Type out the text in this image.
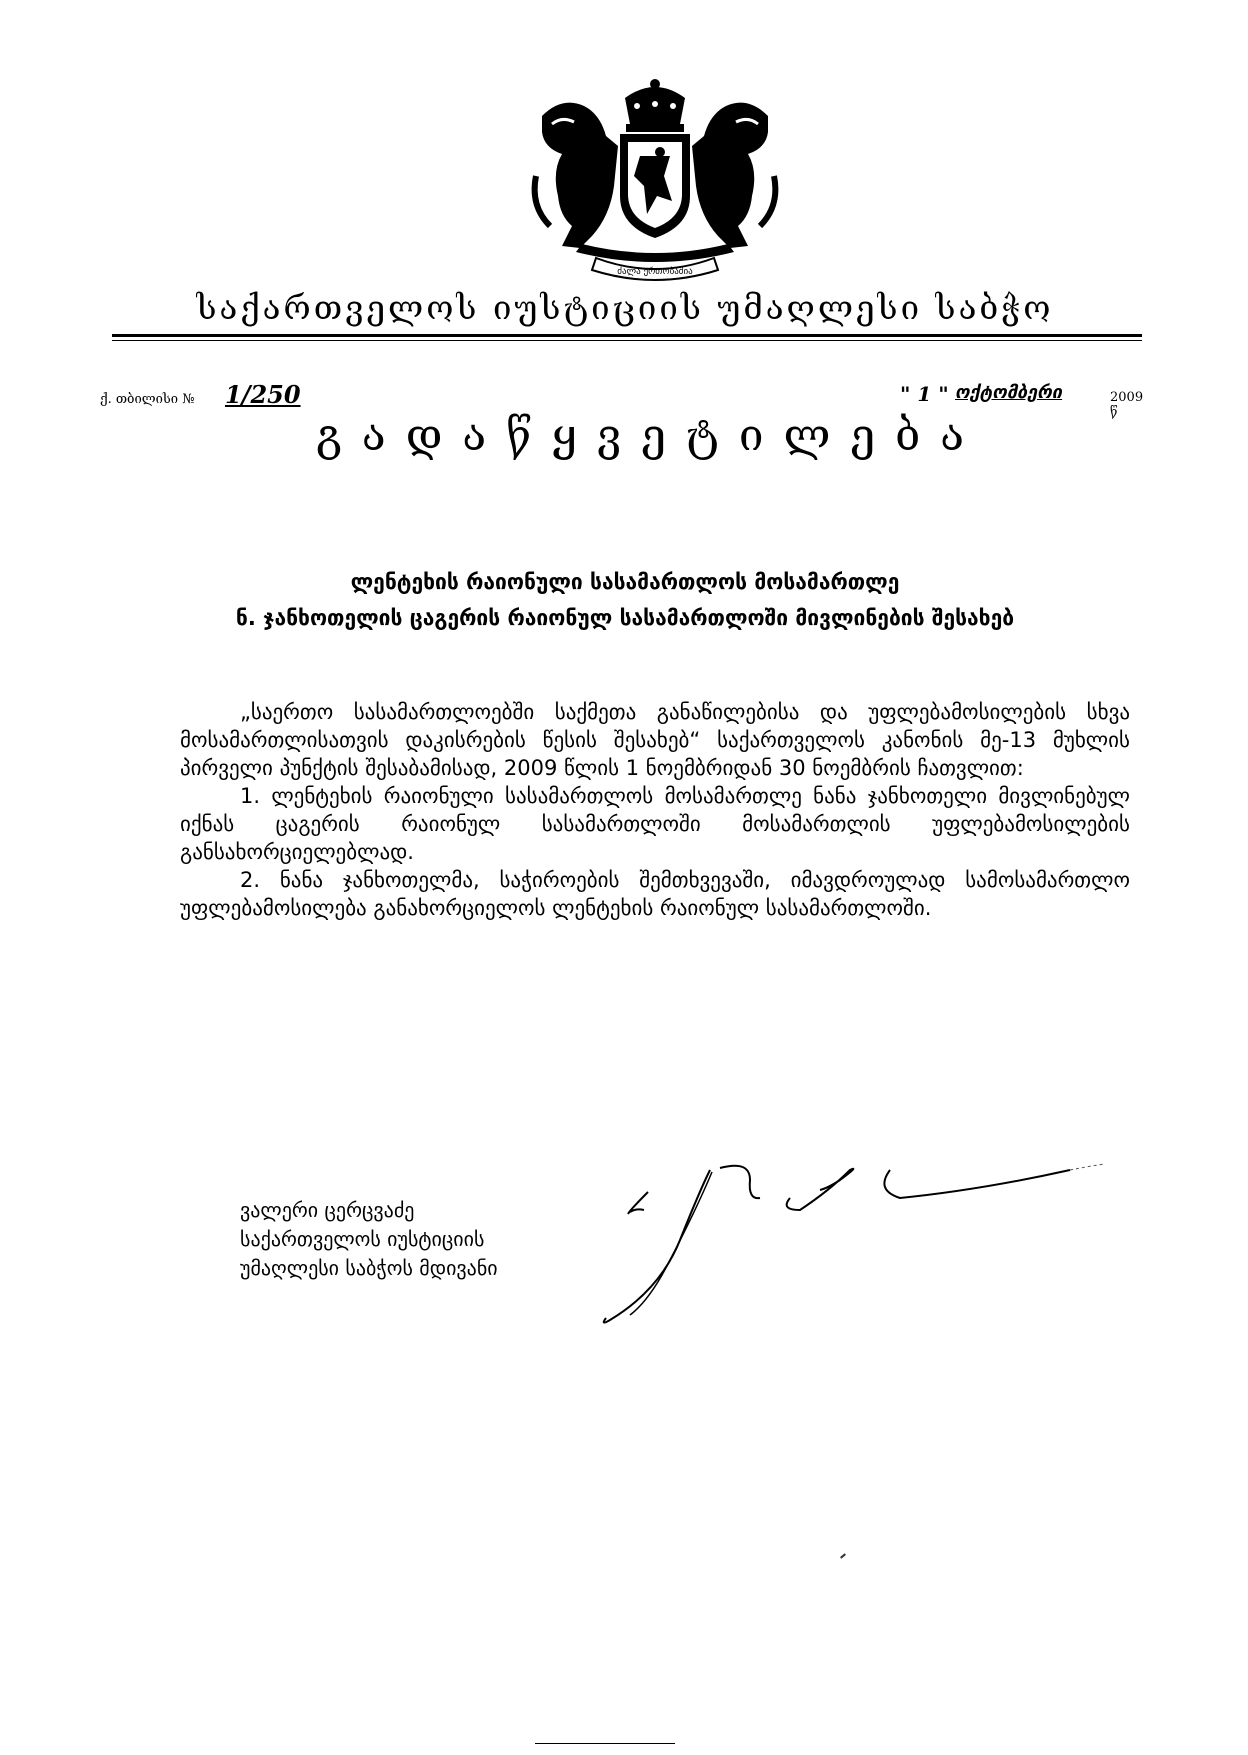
ძალა ერთობაშია
საქართველოს იუსტიციის უმაღლესი საბჭო
ქ. თბილისი № 1/250	" 1 " ოქტომბერი	2009 წ
გადაწყვეტილება
ლენტეხის რაიონული სასამართლოს მოსამართლე
ნ. ჯანხოთელის ცაგერის რაიონულ სასამართლოში მივლინების შესახებ

„საერთო სასამართლოებში საქმეთა განაწილებისა და უფლებამოსილების სხვა მოსამართლისათვის დაკისრების წესის შესახებ“ საქართველოს კანონის მე-13 მუხლის პირველი პუნქტის შესაბამისად, 2009 წლის 1 ნოემბრიდან 30 ნოემბრის ჩათვლით:

1. ლენტეხის რაიონული სასამართლოს მოსამართლე ნანა ჯანხოთელი მივლინებულ იქნას ცაგერის რაიონულ სასამართლოში მოსამართლის უფლებამოსილების განსახორციელებლად.

2. ნანა ჯანხოთელმა, საჭიროების შემთხვევაში, იმავდროულად სამოსამართლო უფლებამოსილება განახორციელოს ლენტეხის რაიონულ სასამართლოში.

ვალერი ცერცვაძე
საქართველოს იუსტიციის
უმაღლესი საბჭოს მდივანი
